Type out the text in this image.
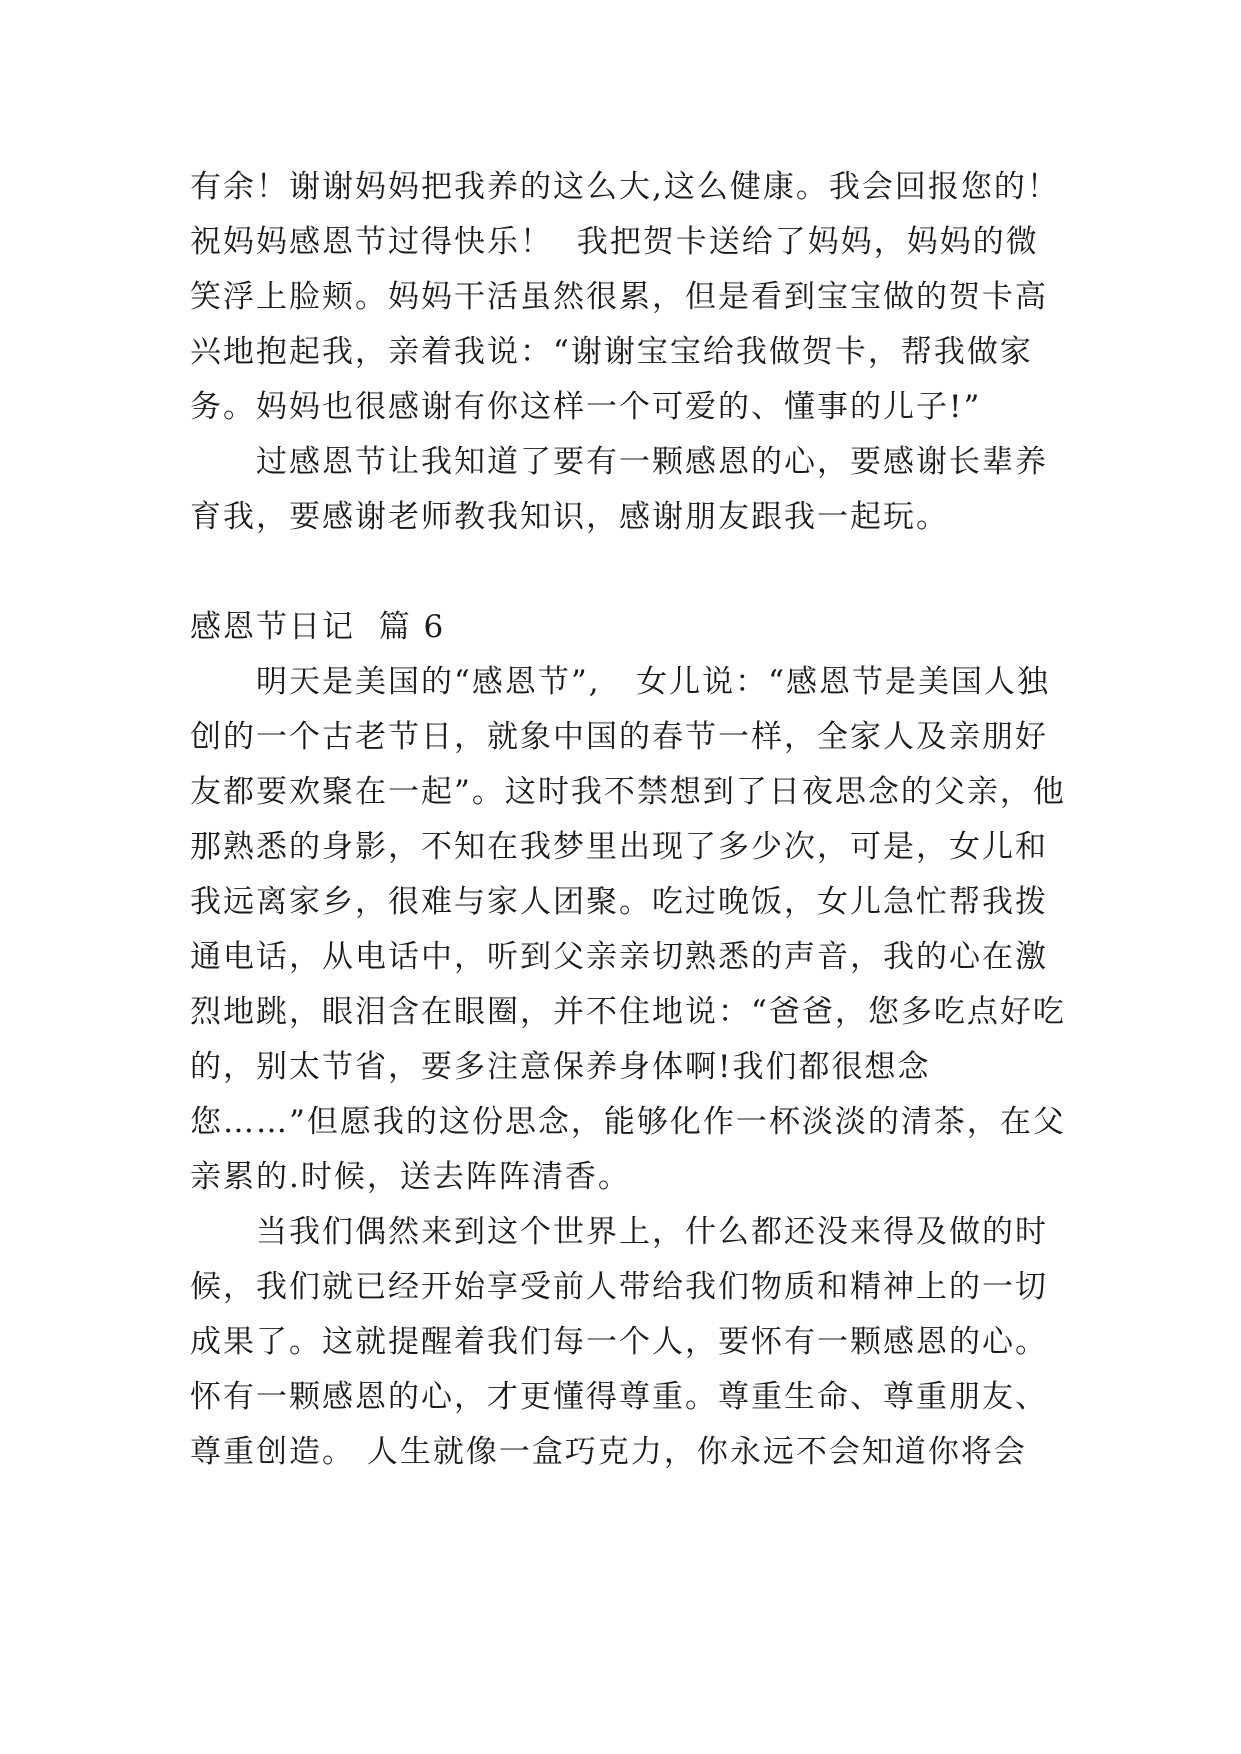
有余！谢谢妈妈把我养的这么大,这么健康。我会回报您的！祝妈妈感恩节过得快乐！  我把贺卡送给了妈妈，妈妈的微笑浮上脸颊。妈妈干活虽然很累，但是看到宝宝做的贺卡高兴地抱起我，亲着我说：“谢谢宝宝给我做贺卡，帮我做家务。妈妈也很感谢有你这样一个可爱的、懂事的儿子!”

过感恩节让我知道了要有一颗感恩的心，要感谢长辈养育我，要感谢老师教我知识，感谢朋友跟我一起玩。

感恩节日记  篇 6

明天是美国的“感恩节”,   女儿说：“感恩节是美国人独创的一个古老节日，就象中国的春节一样，全家人及亲朋好友都要欢聚在一起”。这时我不禁想到了日夜思念的父亲，他那熟悉的身影，不知在我梦里出现了多少次，可是，女儿和我远离家乡，很难与家人团聚。吃过晚饭，女儿急忙帮我拨通电话，从电话中，听到父亲亲切熟悉的声音，我的心在激烈地跳，眼泪含在眼圈，并不住地说：“爸爸，您多吃点好吃的，别太节省，要多注意保养身体啊!我们都很想念您……”但愿我的这份思念，能够化作一杯淡淡的清茶，在父亲累的.时候，送去阵阵清香。

当我们偶然来到这个世界上，什么都还没来得及做的时候，我们就已经开始享受前人带给我们物质和精神上的一切成果了。这就提醒着我们每一个人，要怀有一颗感恩的心。怀有一颗感恩的心，才更懂得尊重。尊重生命、尊重朋友、尊重创造。 人生就像一盒巧克力，你永远不会知道你将会
